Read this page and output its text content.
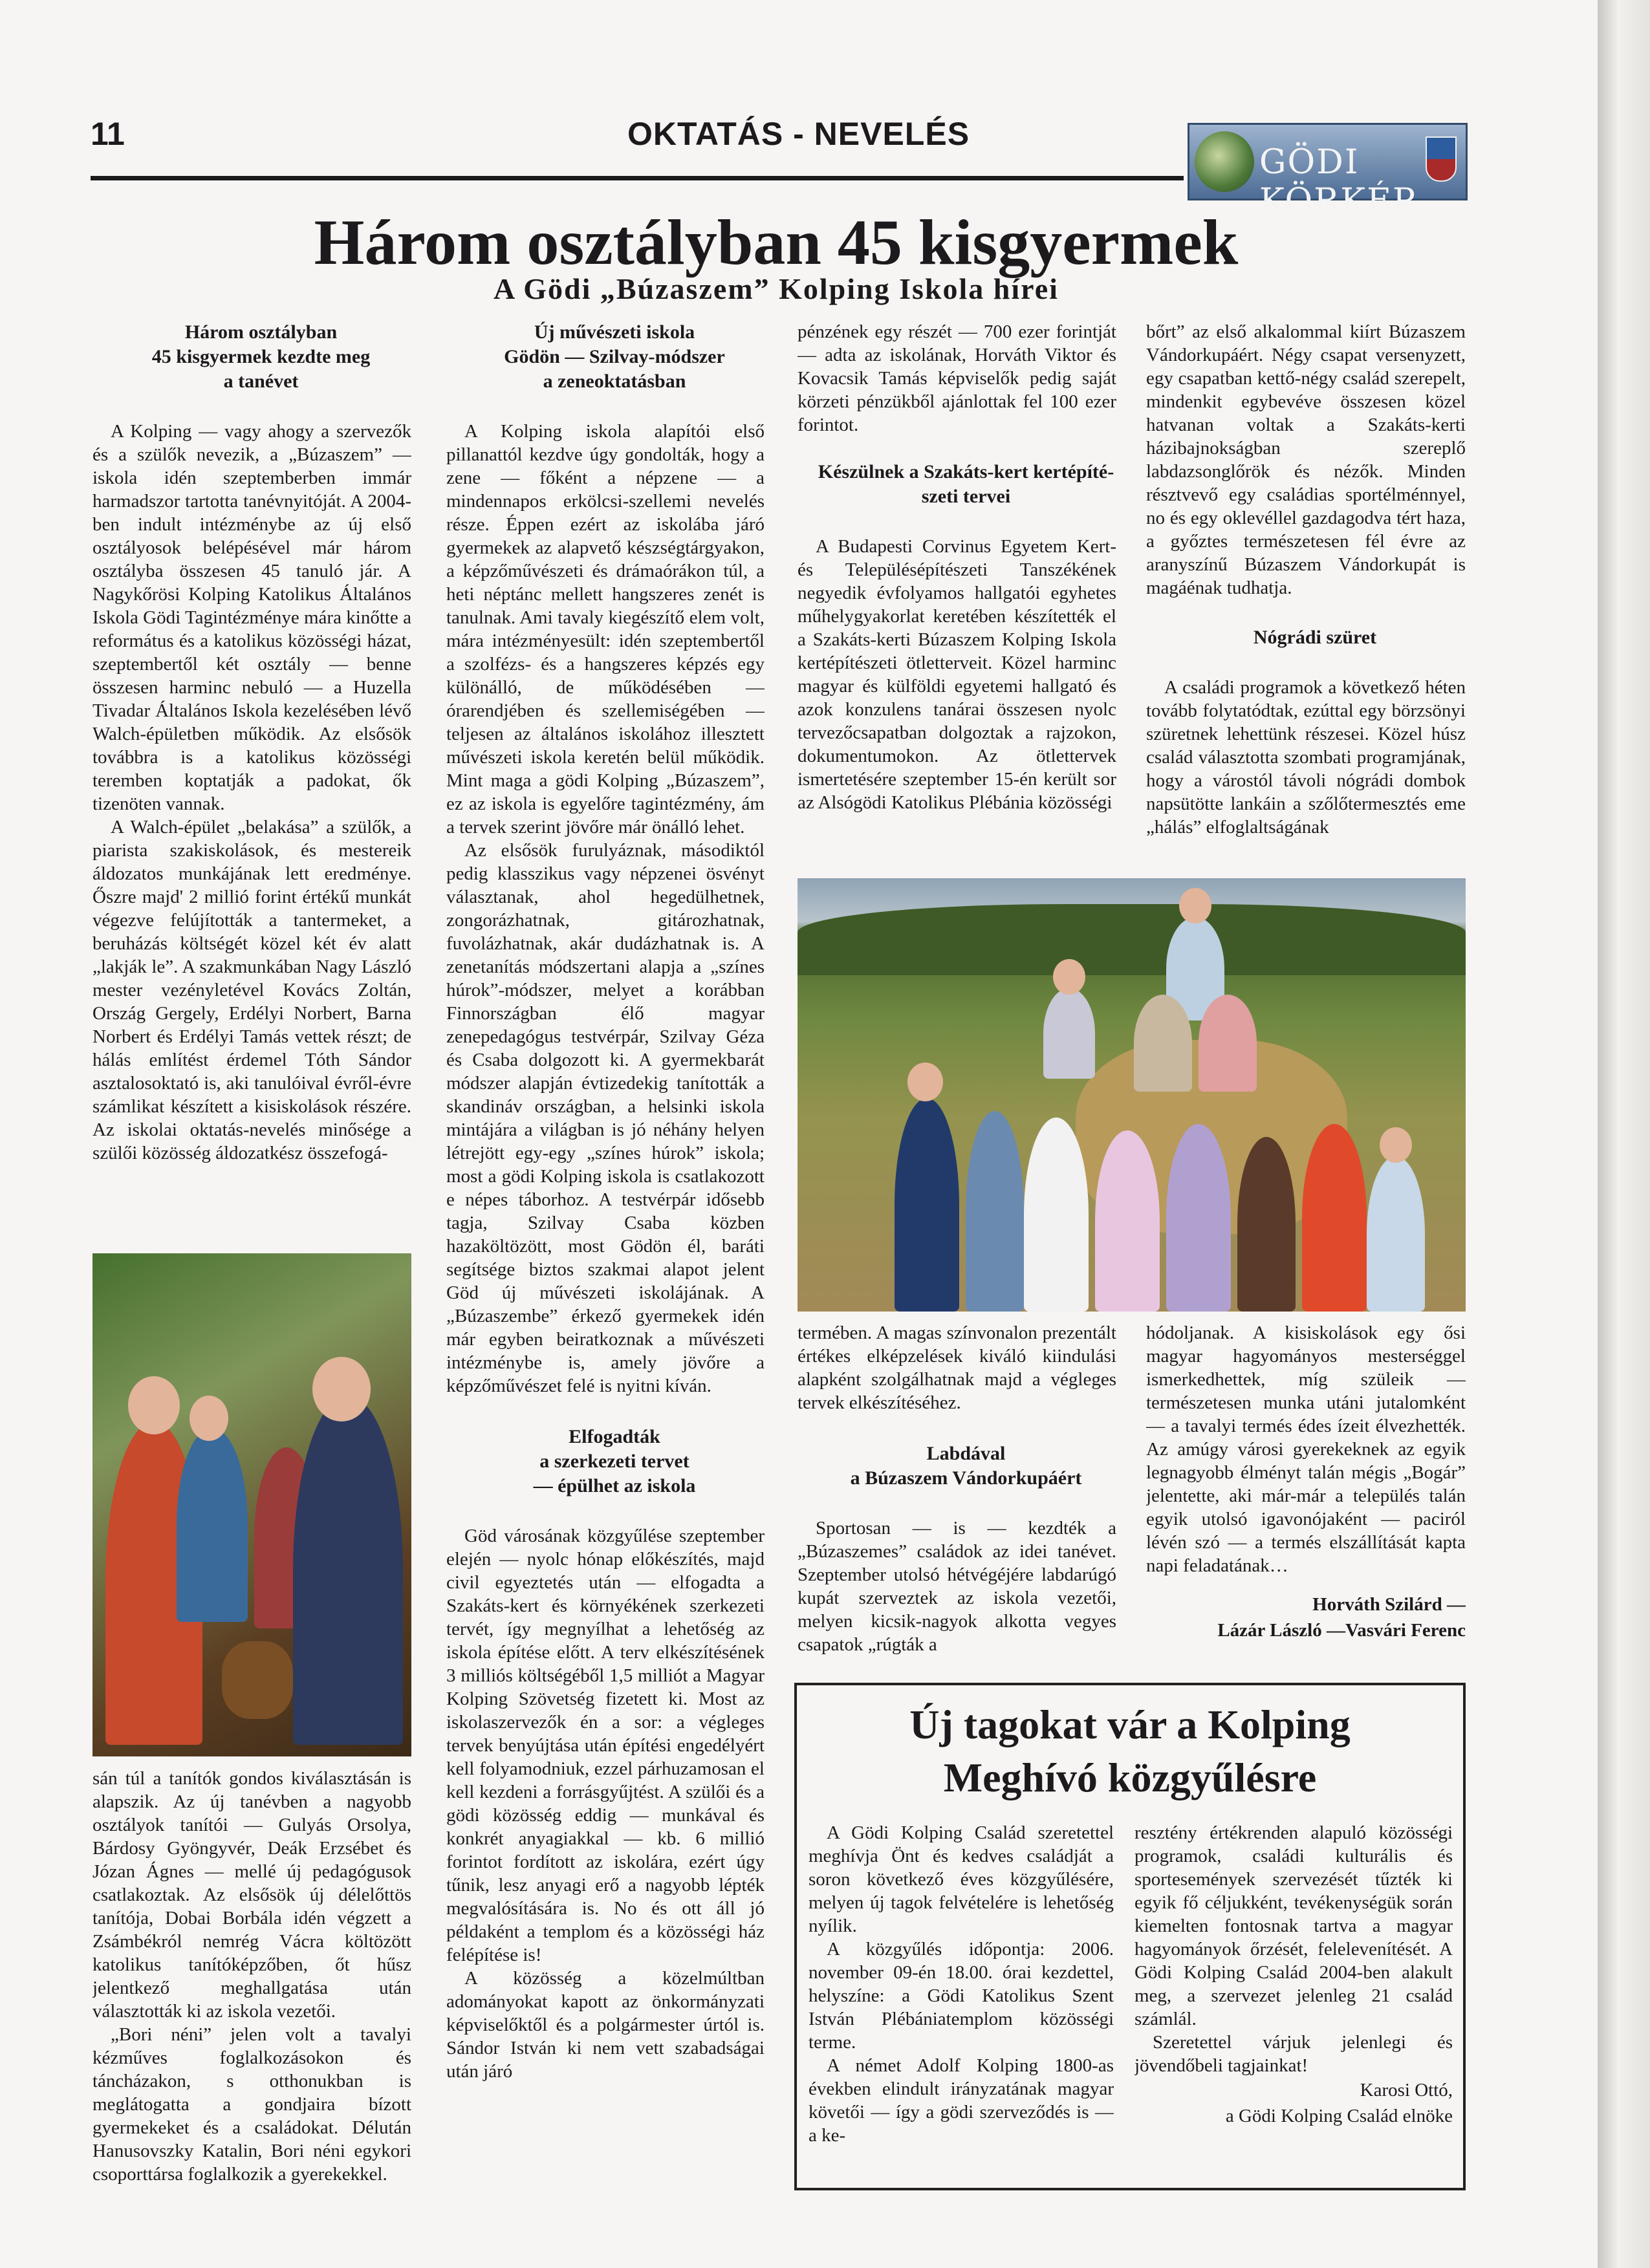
11	OKTATÁS - NEVELÉS
GÖDI KÖRKÉP
Három osztályban 45 kisgyermek
A Gödi „Búzaszem” Kolping Iskola hírei

Három osztályban

45 kisgyermek kezdte meg

a tanévet

A Kolping — vagy ahogy a szervezők és a szülők nevezik, a „Búzaszem” — iskola idén szeptemberben immár harmadszor tartotta tanévnyitóját. A 2004-ben indult intézménybe az új első osztályosok belépésével már három osztályba összesen 45 tanuló jár. A Nagykőrösi Kolping Katolikus Általános Iskola Gödi Tagintézménye mára kinőtte a református és a katolikus közösségi házat, szeptembertől két osztály — benne összesen harminc nebuló — a Huzella Tivadar Általános Iskola kezelésében lévő Walch-épületben működik. Az elsősök továbbra is a katolikus közösségi teremben koptatják a padokat, ők tizenöten vannak.

A Walch-épület „belakása” a szülők, a piarista szakiskolások, és mestereik áldozatos munkájának lett eredménye. Őszre majd' 2 millió forint értékű munkát végezve felújították a tantermeket, a beruházás költségét közel két év alatt „lakják le”. A szakmunkában Nagy László mester vezényletével Kovács Zoltán, Ország Gergely, Erdélyi Norbert, Barna Norbert és Erdélyi Tamás vettek részt; de hálás említést érdemel Tóth Sándor asztalosoktató is, aki tanulóival évről-évre számlikat készített a kisiskolások részére. Az iskolai oktatás-nevelés minősége a szülői közösség áldozatkész összefogá-

sán túl a tanítók gondos kiválasztásán is alapszik. Az új tanévben a nagyobb osztályok tanítói — Gulyás Orsolya, Bárdosy Gyöngyvér, Deák Erzsébet és Józan Ágnes — mellé új pedagógusok csatlakoztak. Az elsősök új délelőttös tanítója, Dobai Borbála idén végzett a Zsámbékról nemrég Vácra költözött katolikus tanítóképzőben, őt hűsz jelentkező meghallgatása után választották ki az iskola vezetői.

„Bori néni” jelen volt a tavalyi kézműves foglalkozásokon és táncházakon, s otthonukban is meglátogatta a gondjaira bízott gyermekeket és a családokat. Délután Hanusovszky Katalin, Bori néni egykori csoporttársa foglalkozik a gyerekekkel.

Új művészeti iskola

Gödön — Szilvay-módszer

a zeneoktatásban

A Kolping iskola alapítói első pillanattól kezdve úgy gondolták, hogy a zene — főként a népzene — a mindennapos erkölcsi-szellemi nevelés része. Éppen ezért az iskolába járó gyermekek az alapvető készségtárgyakon, a képzőművészeti és drámaórákon túl, a heti néptánc mellett hangszeres zenét is tanulnak. Ami tavaly kiegészítő elem volt, mára intézményesült: idén szeptembertől a szolfézs- és a hangszeres képzés egy különálló, de működésében — órarendjében és szellemiségében — teljesen az általános iskolához illesztett művészeti iskola keretén belül működik. Mint maga a gödi Kolping „Búzaszem”, ez az iskola is egyelőre tagintézmény, ám a tervek szerint jövőre már önálló lehet.

Az elsősök furulyáznak, másodiktól pedig klasszikus vagy népzenei ösvényt választanak, ahol hegedülhetnek, zongorázhatnak, gitározhatnak, fuvolázhatnak, akár dudázhatnak is. A zenetanítás módszertani alapja a „színes húrok”-módszer, melyet a korábban Finnországban élő magyar zenepedagógus testvérpár, Szilvay Géza és Csaba dolgozott ki. A gyermekbarát módszer alapján évtizedekig tanították a skandináv országban, a helsinki iskola mintájára a világban is jó néhány helyen létrejött egy-egy „színes húrok” iskola; most a gödi Kolping iskola is csatlakozott e népes táborhoz. A testvérpár idősebb tagja, Szilvay Csaba közben hazaköltözött, most Gödön él, baráti segítsége biztos szakmai alapot jelent Göd új művészeti iskolájának. A „Búzaszembe” érkező gyermekek idén már egyben beiratkoznak a művészeti intézménybe is, amely jövőre a képzőművészet felé is nyitni kíván.

Elfogadták

a szerkezeti tervet

— épülhet az iskola

Göd városának közgyűlése szeptember elején — nyolc hónap előkészítés, majd civil egyeztetés után — elfogadta a Szakáts-kert és környékének szerkezeti tervét, így megnyílhat a lehetőség az iskola építése előtt. A terv elkészítésének 3 milliós költségéből 1,5 milliót a Magyar Kolping Szövetség fizetett ki. Most az iskolaszervezők én a sor: a végleges tervek benyújtása után építési engedélyért kell folyamodniuk, ezzel párhuzamosan el kell kezdeni a forrásgyűjtést. A szülői és a gödi közösség eddig — munkával és konkrét anyagiakkal — kb. 6 millió forintot fordított az iskolára, ezért úgy tűnik, lesz anyagi erő a nagyobb lépték megvalósítására is. No és ott áll jó példaként a templom és a közösségi ház felépítése is!

A közösség a közelmúltban adományokat kapott az önkormányzati képviselőktől és a polgármester úrtól is. Sándor István ki nem vett szabadságai után járó

pénzének egy részét — 700 ezer forintját — adta az iskolának, Horváth Viktor és Kovacsik Tamás képviselők pedig saját körzeti pénzükből ajánlottak fel 100 ezer forintot.

Készülnek a Szakáts-kert kertépíté-

szeti tervei

A Budapesti Corvinus Egyetem Kert- és Településépítészeti Tanszékének negyedik évfolyamos hallgatói egyhetes műhelygyakorlat keretében készítették el a Szakáts-kerti Búzaszem Kolping Iskola kertépítészeti ötletterveit. Közel harminc magyar és külföldi egyetemi hallgató és azok konzulens tanárai összesen nyolc tervezőcsapatban dolgoztak a rajzokon, dokumentumokon. Az ötlettervek ismertetésére szeptember 15-én került sor az Alsógödi Katolikus Plébánia közösségi

bőrt” az első alkalommal kiírt Búzaszem Vándorkupáért. Négy csapat versenyzett, egy csapatban kettő-négy család szerepelt, mindenkit egybevéve összesen közel hatvanan voltak a Szakáts-kerti házibajnokságban szereplő labdazsonglőrök és nézők. Minden résztvevő egy családias sportélménnyel, no és egy oklevéllel gazdagodva tért haza, a győztes természetesen fél évre az aranyszínű Búzaszem Vándorkupát is magáénak tudhatja.

Nógrádi szüret

A családi programok a következő héten tovább folytatódtak, ezúttal egy börzsönyi szüretnek lehettünk részesei. Közel húsz család választotta szombati programjának, hogy a várostól távoli nógrádi dombok napsütötte lankáin a szőlőtermesztés eme „hálás” elfoglaltságának

termében. A magas színvonalon prezentált értékes elképzelések kiváló kiindulási alapként szolgálhatnak majd a végleges tervek elkészítéséhez.

Labdával

a Búzaszem Vándorkupáért

Sportosan — is — kezdték a „Búzaszemes” családok az idei tanévet. Szeptember utolsó hétvégéjére labdarúgó kupát szerveztek az iskola vezetői, melyen kicsik-nagyok alkotta vegyes csapatok „rúgták a

hódoljanak. A kisiskolások egy ősi magyar hagyományos mesterséggel ismerkedhettek, míg szüleik — természetesen munka utáni jutalomként — a tavalyi termés édes ízeit élvezhették. Az amúgy városi gyerekeknek az egyik legnagyobb élményt talán mégis „Bogár” jelentette, aki már-már a település talán egyik utolsó igavonójaként — paciról lévén szó — a termés elszállítását kapta napi feladatának…

Horváth Szilárd —

Lázár László —Vasvári Ferenc

Új tagokat vár a Kolping

Meghívó közgyűlésre

A Gödi Kolping Család szeretettel meghívja Önt és kedves családját a soron következő éves közgyűlésére, melyen új tagok felvételére is lehetőség nyílik.

A közgyűlés időpontja: 2006. november 09-én 18.00. órai kezdettel, helyszíne: a Gödi Katolikus Szent István Plébániatemplom közösségi terme.

A német Adolf Kolping 1800-as években elindult irányzatának magyar követői — így a gödi szerveződés is — a ke-

resztény értékrenden alapuló közösségi programok, családi kulturális és sportesemények szervezését tűzték ki egyik fő céljukként, tevékenységük során kiemelten fontosnak tartva a magyar hagyományok őrzését, felelevenítését. A Gödi Kolping Család 2004-ben alakult meg, a szervezet jelenleg 21 család számlál.

Szeretettel várjuk jelenlegi és jövendőbeli tagjainkat!

Karosi Ottó,

a Gödi Kolping Család elnöke
